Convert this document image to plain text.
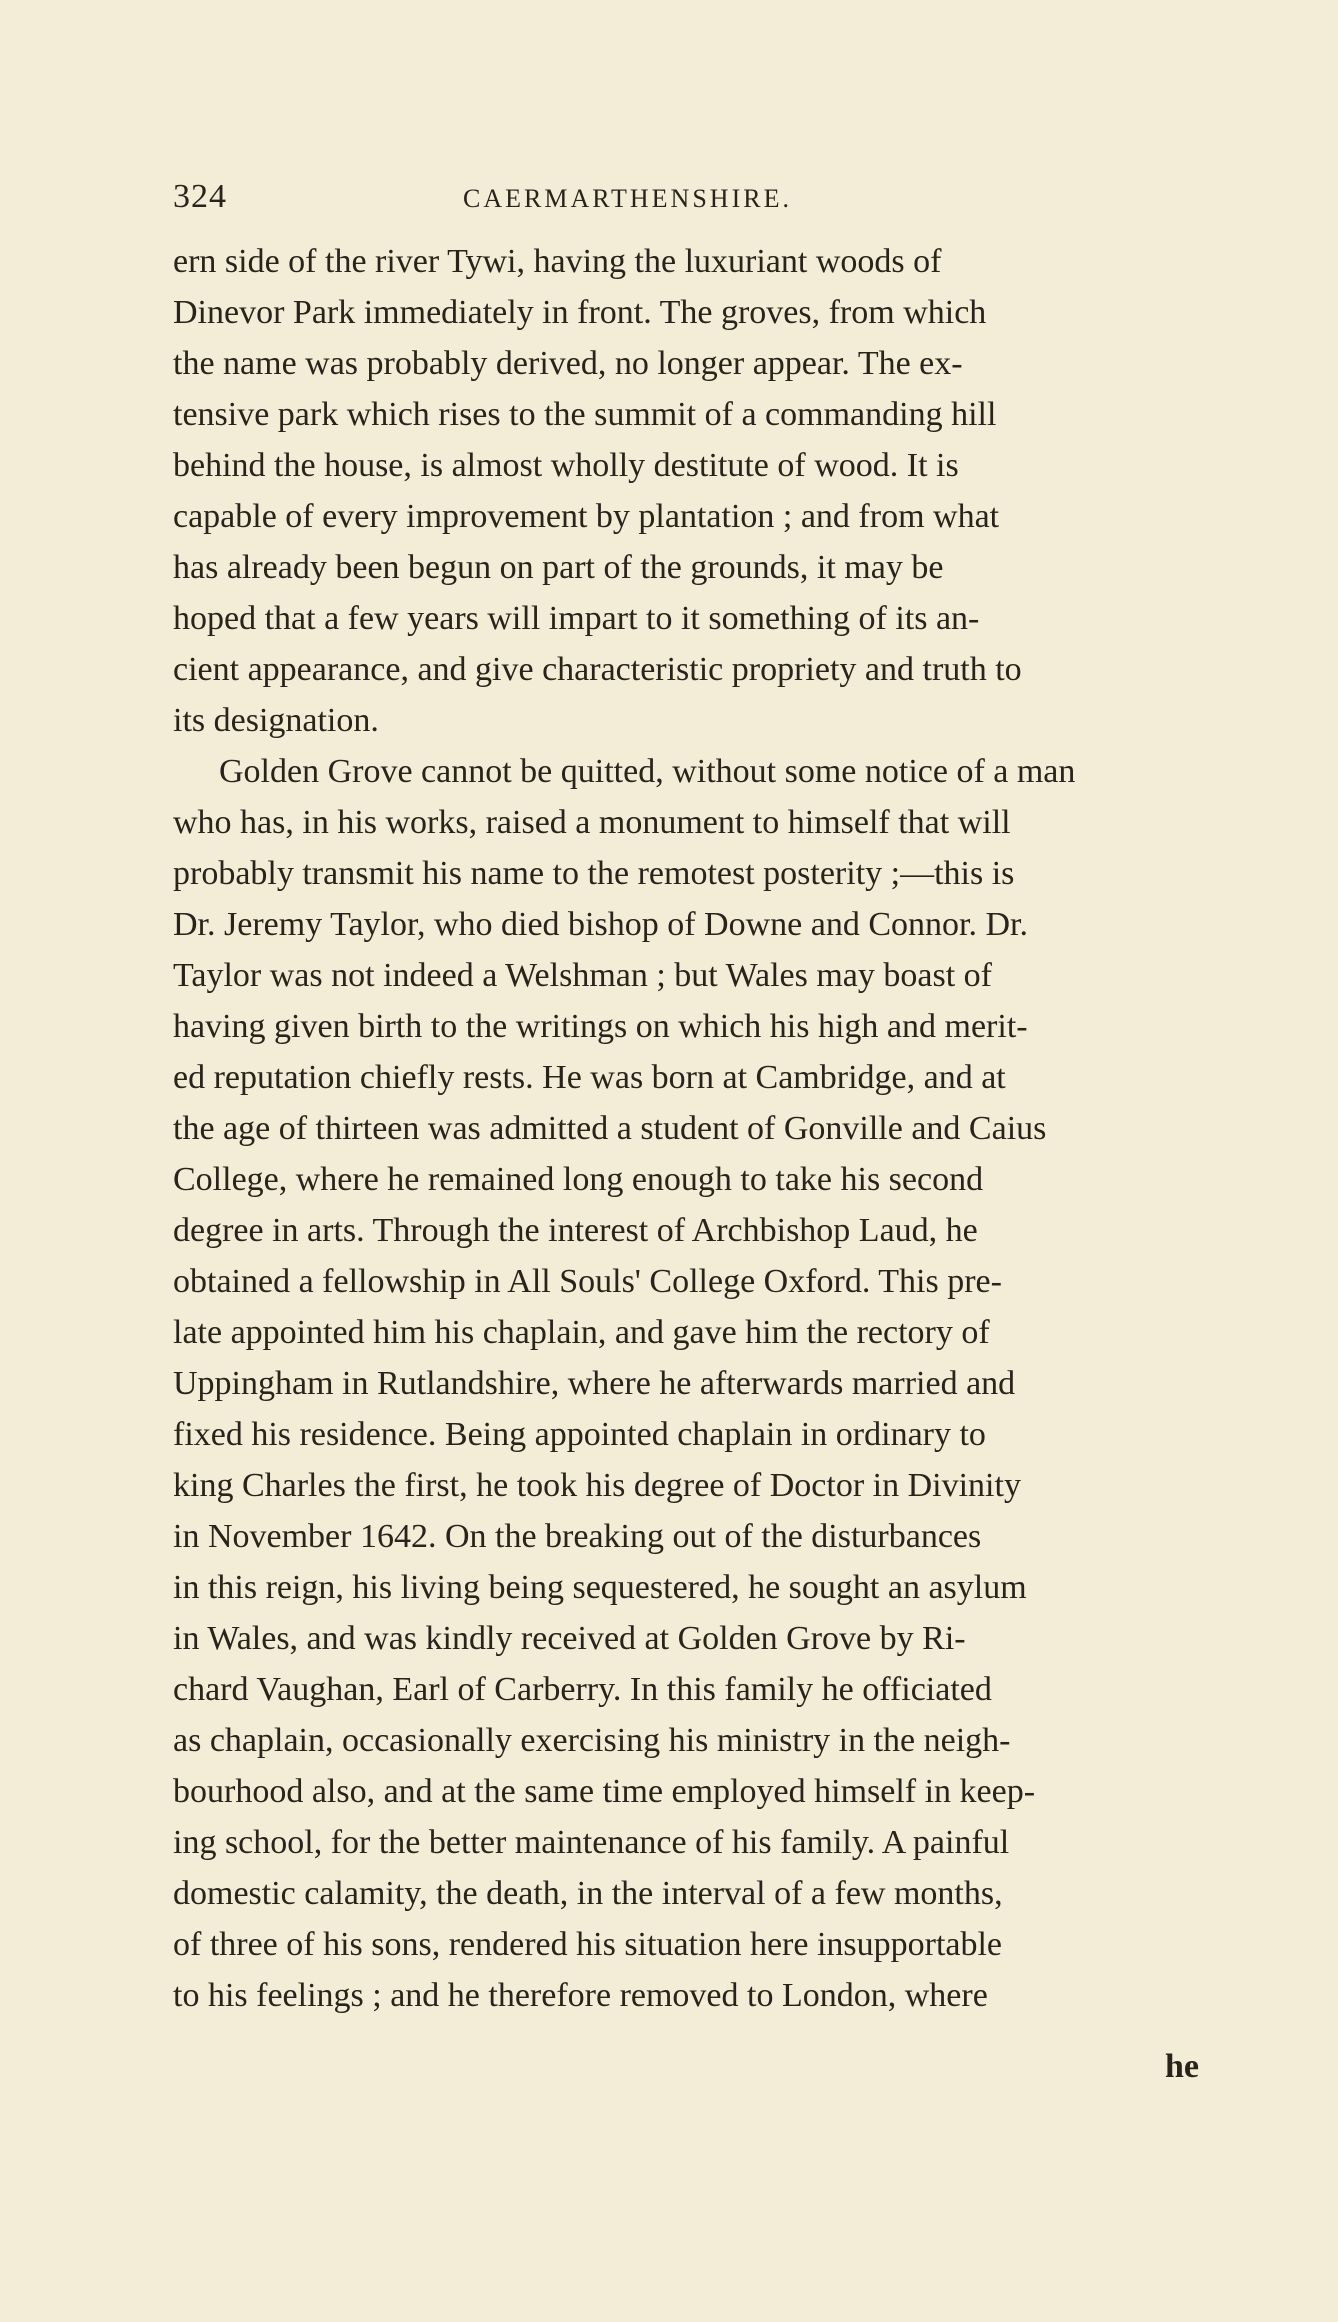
324	CAERMARTHENSHIRE.
ern side of the river Tywi, having the luxuriant woods of
Dinevor Park immediately in front. The groves, from which
the name was probably derived, no longer appear. The ex-
tensive park which rises to the summit of a commanding hill
behind the house, is almost wholly destitute of wood. It is
capable of every improvement by plantation ; and from what
has already been begun on part of the grounds, it may be
hoped that a few years will impart to it something of its an-
cient appearance, and give characteristic propriety and truth to
its designation.
Golden Grove cannot be quitted, without some notice of a man
who has, in his works, raised a monument to himself that will
probably transmit his name to the remotest posterity ;—this is
Dr. Jeremy Taylor, who died bishop of Downe and Connor. Dr.
Taylor was not indeed a Welshman ; but Wales may boast of
having given birth to the writings on which his high and merit-
ed reputation chiefly rests. He was born at Cambridge, and at
the age of thirteen was admitted a student of Gonville and Caius
College, where he remained long enough to take his second
degree in arts. Through the interest of Archbishop Laud, he
obtained a fellowship in All Souls' College Oxford. This pre-
late appointed him his chaplain, and gave him the rectory of
Uppingham in Rutlandshire, where he afterwards married and
fixed his residence. Being appointed chaplain in ordinary to
king Charles the first, he took his degree of Doctor in Divinity
in November 1642. On the breaking out of the disturbances
in this reign, his living being sequestered, he sought an asylum
in Wales, and was kindly received at Golden Grove by Ri-
chard Vaughan, Earl of Carberry. In this family he officiated
as chaplain, occasionally exercising his ministry in the neigh-
bourhood also, and at the same time employed himself in keep-
ing school, for the better maintenance of his family. A painful
domestic calamity, the death, in the interval of a few months,
of three of his sons, rendered his situation here insupportable
to his feelings ; and he therefore removed to London, where
he
